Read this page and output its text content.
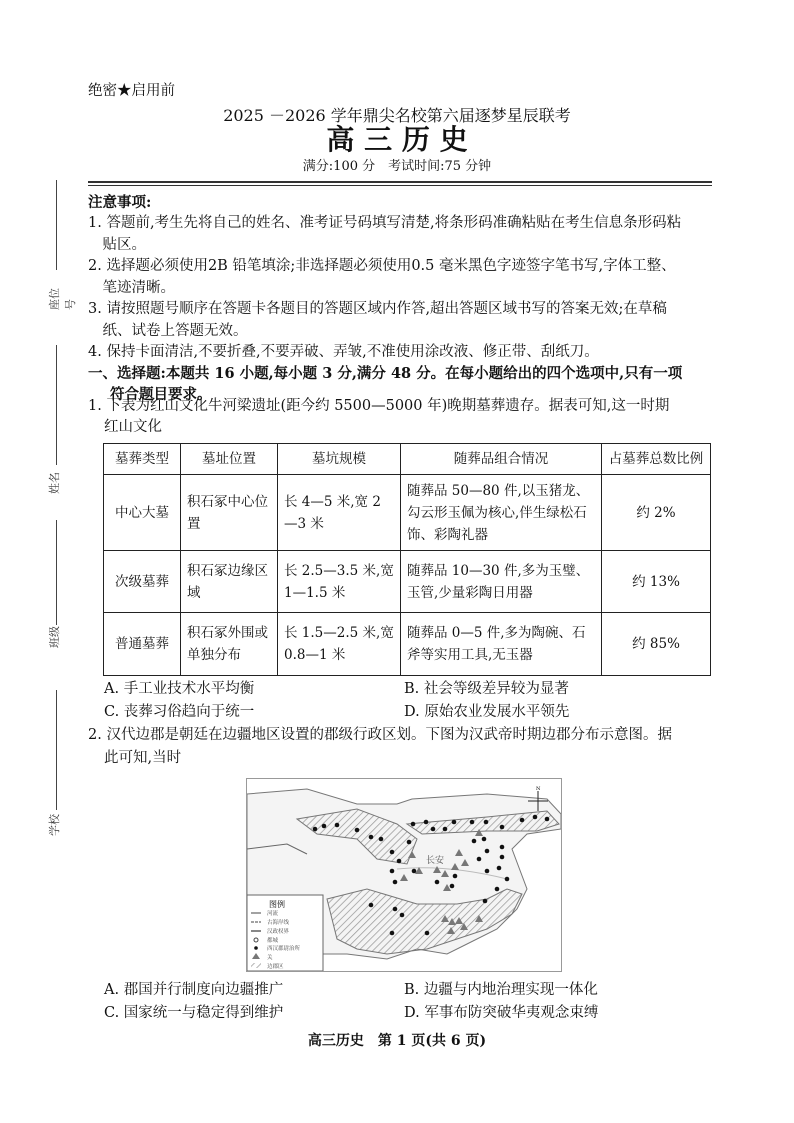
座位号
姓名
班级
学校
绝密★启用前
2025 －2026 学年鼎尖名校第六届逐梦星辰联考
高 三 历 史
满分:100 分　考试时间:75 分钟
注意事项:
1. 答题前,考生先将自己的姓名、准考证号码填写清楚,将条形码准确粘贴在考生信息条形码粘
　贴区。
2. 选择题必须使用2B 铅笔填涂;非选择题必须使用0.5 毫米黑色字迹签字笔书写,字体工整、
　笔迹清晰。
3. 请按照题号顺序在答题卡各题目的答题区域内作答,超出答题区域书写的答案无效;在草稿
　纸、试卷上答题无效。
4. 保持卡面清洁,不要折叠,不要弄破、弄皱,不准使用涂改液、修正带、刮纸刀。
一、选择题:本题共 16 小题,每小题 3 分,满分 48 分。在每小题给出的四个选项中,只有一项
符合题目要求。
1. 下表为红山文化牛河梁遗址(距今约 5500—5000 年)晚期墓葬遗存。据表可知,这一时期
红山文化
墓葬类型	墓址位置	墓坑规模	随葬品组合情况	占墓葬总数比例
中心大墓	积石冢中心位置	长 4—5 米,宽 2—3 米	随葬品 50—80 件,以玉猪龙、勾云形玉佩为核心,伴生绿松石饰、彩陶礼器	约 2%
次级墓葬	积石冢边缘区域	长 2.5—3.5 米,宽 1—1.5 米	随葬品 10—30 件,多为玉璧、玉管,少量彩陶日用器	约 13%
普通墓葬	积石冢外围或单独分布	长 1.5—2.5 米,宽 0.8—1 米	随葬品 0—5 件,多为陶碗、石斧等实用工具,无玉器	约 85%
A. 手工业技术水平均衡	B. 社会等级差异较为显著
C. 丧葬习俗趋向于统一	D. 原始农业发展水平领先
2. 汉代边郡是朝廷在边疆地区设置的郡级行政区划。下图为汉武帝时期边郡分布示意图。据
此可知,当时
长安
N
图例
河流
古海岸线
汉政权界
都城
西汉郡尉治所
关
边郡区
A. 郡国并行制度向边疆推广	B. 边疆与内地治理实现一体化
C. 国家统一与稳定得到维护	D. 军事布防突破华夷观念束缚
高三历史　第 1 页(共 6 页)
